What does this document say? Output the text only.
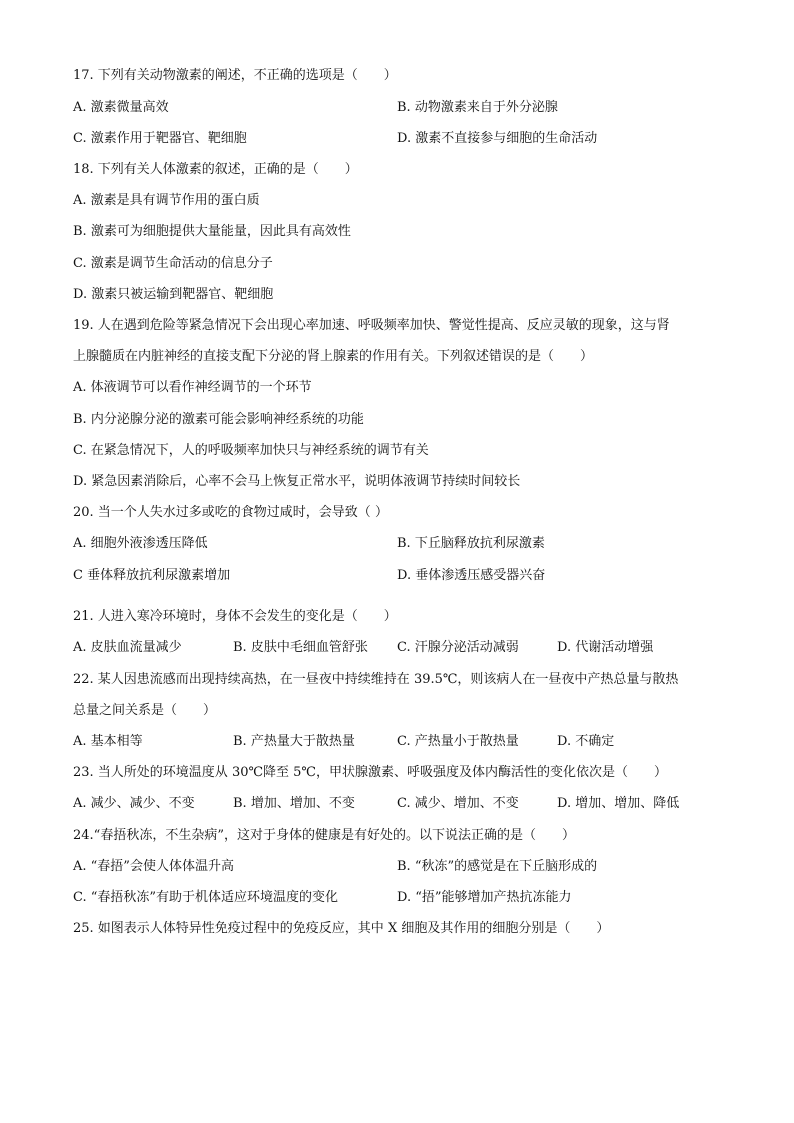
17. 下列有关动物激素的阐述，不正确的选项是（　　）
A. 激素微量高效	B. 动物激素来自于外分泌腺
C. 激素作用于靶器官、靶细胞	D. 激素不直接参与细胞的生命活动
18. 下列有关人体激素的叙述，正确的是（　　）
A. 激素是具有调节作用的蛋白质
B. 激素可为细胞提供大量能量，因此具有高效性
C. 激素是调节生命活动的信息分子
D. 激素只被运输到靶器官、靶细胞
19. 人在遇到危险等紧急情况下会出现心率加速、呼吸频率加快、警觉性提高、反应灵敏的现象，这与肾
上腺髓质在内脏神经的直接支配下分泌的肾上腺素的作用有关。下列叙述错误的是（　　）
A. 体液调节可以看作神经调节的一个环节
B. 内分泌腺分泌的激素可能会影响神经系统的功能
C. 在紧急情况下，人的呼吸频率加快只与神经系统的调节有关
D. 紧急因素消除后，心率不会马上恢复正常水平，说明体液调节持续时间较长
20. 当一个人失水过多或吃的食物过咸时，会导致（ ）
A. 细胞外液渗透压降低	B. 下丘脑释放抗利尿激素
C 垂体释放抗利尿激素增加	D. 垂体渗透压感受器兴奋
21. 人进入寒冷环境时，身体不会发生的变化是（　　）
A. 皮肤血流量减少	B. 皮肤中毛细血管舒张 C. 汗腺分泌活动减弱	D. 代谢活动增强
22. 某人因患流感而出现持续高热，在一昼夜中持续维持在 39.5℃，则该病人在一昼夜中产热总量与散热
总量之间关系是（　　）
A. 基本相等	B. 产热量大于散热量	C. 产热量小于散热量	D. 不确定
23. 当人所处的环境温度从 30℃降至 5℃，甲状腺激素、呼吸强度及体内酶活性的变化依次是（　　）
A. 减少、减少、不变	B. 增加、增加、不变	C. 减少、增加、不变	D. 增加、增加、降低
24.“春捂秋冻，不生杂病”，这对于身体的健康是有好处的。以下说法正确的是（　　）
A. “春捂”会使人体体温升高	B. “秋冻”的感觉是在下丘脑形成的
C. “春捂秋冻”有助于机体适应环境温度的变化	D. “捂”能够增加产热抗冻能力
25. 如图表示人体特异性免疫过程中的免疫反应，其中 X 细胞及其作用的细胞分别是（　　）
